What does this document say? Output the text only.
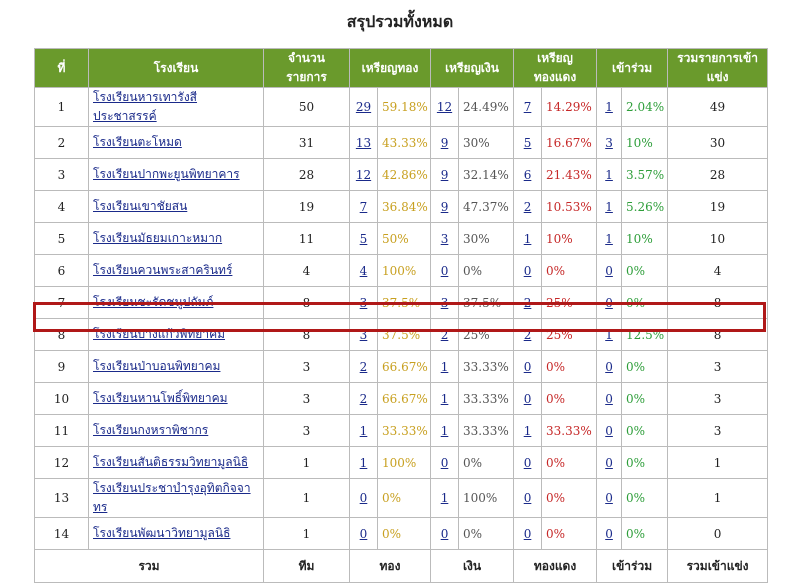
สรุปรวมทั้งหมด
ที่	โรงเรียน	จำนวนรายการ	เหรียญทอง		เหรียญเงิน		เหรียญทองแดง		เข้าร่วม		รวมรายการเข้าแข่ง
1	โรงเรียนหารเทารังสีประชาสรรค์	50	29	59.18%	12	24.49%	7	14.29%	1	2.04%	49
2	โรงเรียนตะโหมด	31	13	43.33%	9	30%	5	16.67%	3	10%	30
3	โรงเรียนปากพะยูนพิทยาคาร	28	12	42.86%	9	32.14%	6	21.43%	1	3.57%	28
4	โรงเรียนเขาชัยสน	19	7	36.84%	9	47.37%	2	10.53%	1	5.26%	19
5	โรงเรียนมัธยมเกาะหมาก	11	5	50%	3	30%	1	10%	1	10%	10
6	โรงเรียนควนพระสาครินทร์	4	4	100%	0	0%	0	0%	0	0%	4
7	โรงเรียนชะรัดชนูปถัมภ์	8	3	37.5%	3	37.5%	2	25%	0	0%	8
8	โรงเรียนบางแก้วพิทยาคม	8	3	37.5%	2	25%	2	25%	1	12.5%	8
9	โรงเรียนป่าบอนพิทยาคม	3	2	66.67%	1	33.33%	0	0%	0	0%	3
10	โรงเรียนหานโพธิ์พิทยาคม	3	2	66.67%	1	33.33%	0	0%	0	0%	3
11	โรงเรียนกงหราพิชากร	3	1	33.33%	1	33.33%	1	33.33%	0	0%	3
12	โรงเรียนสันติธรรมวิทยามูลนิธิ	1	1	100%	0	0%	0	0%	0	0%	1
13	โรงเรียนประชาบำรุงอุทิตกิจจาทร	1	0	0%	1	100%	0	0%	0	0%	1
14	โรงเรียนพัฒนาวิทยามูลนิธิ	1	0	0%	0	0%	0	0%	0	0%	0
รวม		ทีม	ทอง		เงิน		ทองแดง		เข้าร่วม		รวมเข้าแข่ง
